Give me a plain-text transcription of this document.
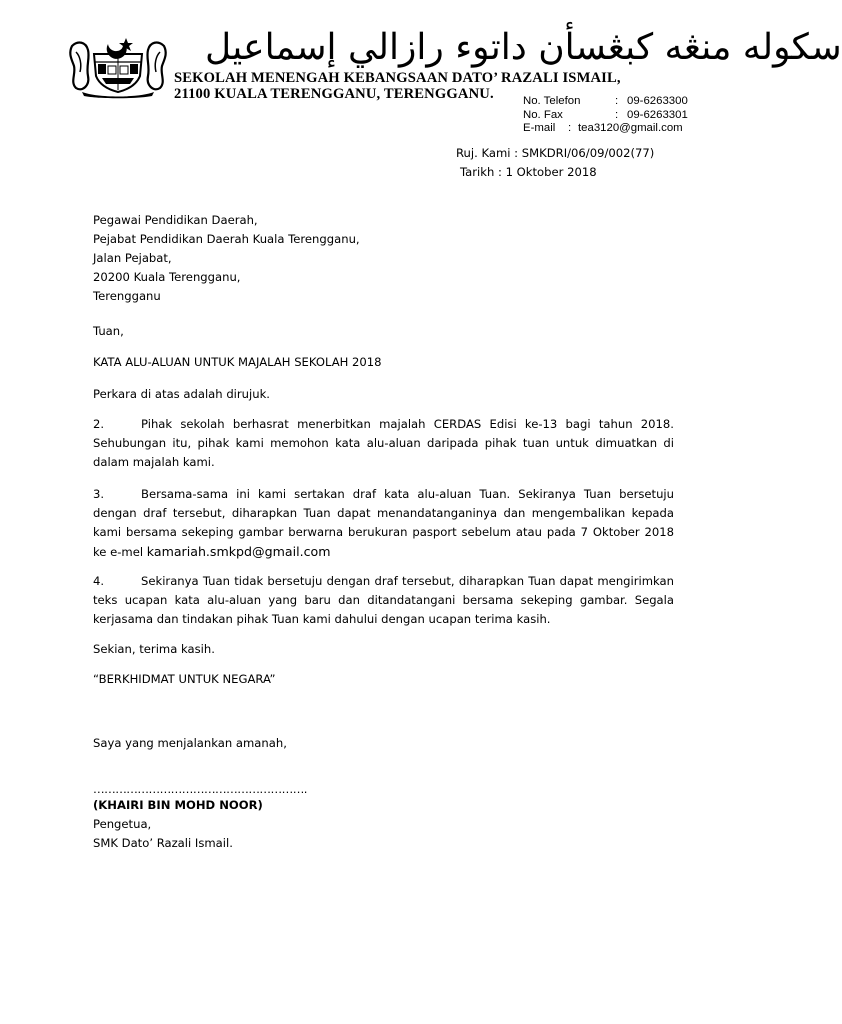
سکوله منڠه کبڠسأن داتوء رازالي إسماعيل
SEKOLAH MENENGAH KEBANGSAAN DATO’ RAZALI ISMAIL,
21100 KUALA TERENGGANU, TERENGGANU.	No. Telefon	: 09-6263300
No. Fax	: 09-6263301
E-mail	: tea3120@gmail.com
Ruj. Kami : SMKDRI/06/09/002(77)
Tarikh : 1 Oktober 2018
Pegawai Pendidikan Daerah,
Pejabat Pendidikan Daerah Kuala Terengganu,
Jalan Pejabat,
20200 Kuala Terengganu,
Terengganu
Tuan,
KATA ALU-ALUAN UNTUK MAJALAH SEKOLAH 2018
Perkara di atas adalah dirujuk.
2.	Pihak sekolah berhasrat menerbitkan majalah CERDAS Edisi ke-13 bagi tahun 2018. Sehubungan itu, pihak kami memohon kata alu-aluan daripada pihak tuan untuk dimuatkan di dalam majalah kami.
3.	Bersama-sama ini kami sertakan draf kata alu-aluan Tuan. Sekiranya Tuan bersetuju dengan draf tersebut, diharapkan Tuan dapat menandatanganinya dan mengembalikan kepada kami bersama sekeping gambar berwarna berukuran pasport sebelum atau pada 7 Oktober 2018 ke e-mel kamariah.smkpd@gmail.com
4.	Sekiranya Tuan tidak bersetuju dengan draf tersebut, diharapkan Tuan dapat mengirimkan teks ucapan kata alu-aluan yang baru dan ditandatangani bersama sekeping gambar. Segala kerjasama dan tindakan pihak Tuan kami dahului dengan ucapan terima kasih.
Sekian, terima kasih.
“BERKHIDMAT UNTUK NEGARA”
Saya yang menjalankan amanah,
………………………………………………….
(KHAIRI BIN MOHD NOOR)
Pengetua,
SMK Dato’ Razali Ismail.
